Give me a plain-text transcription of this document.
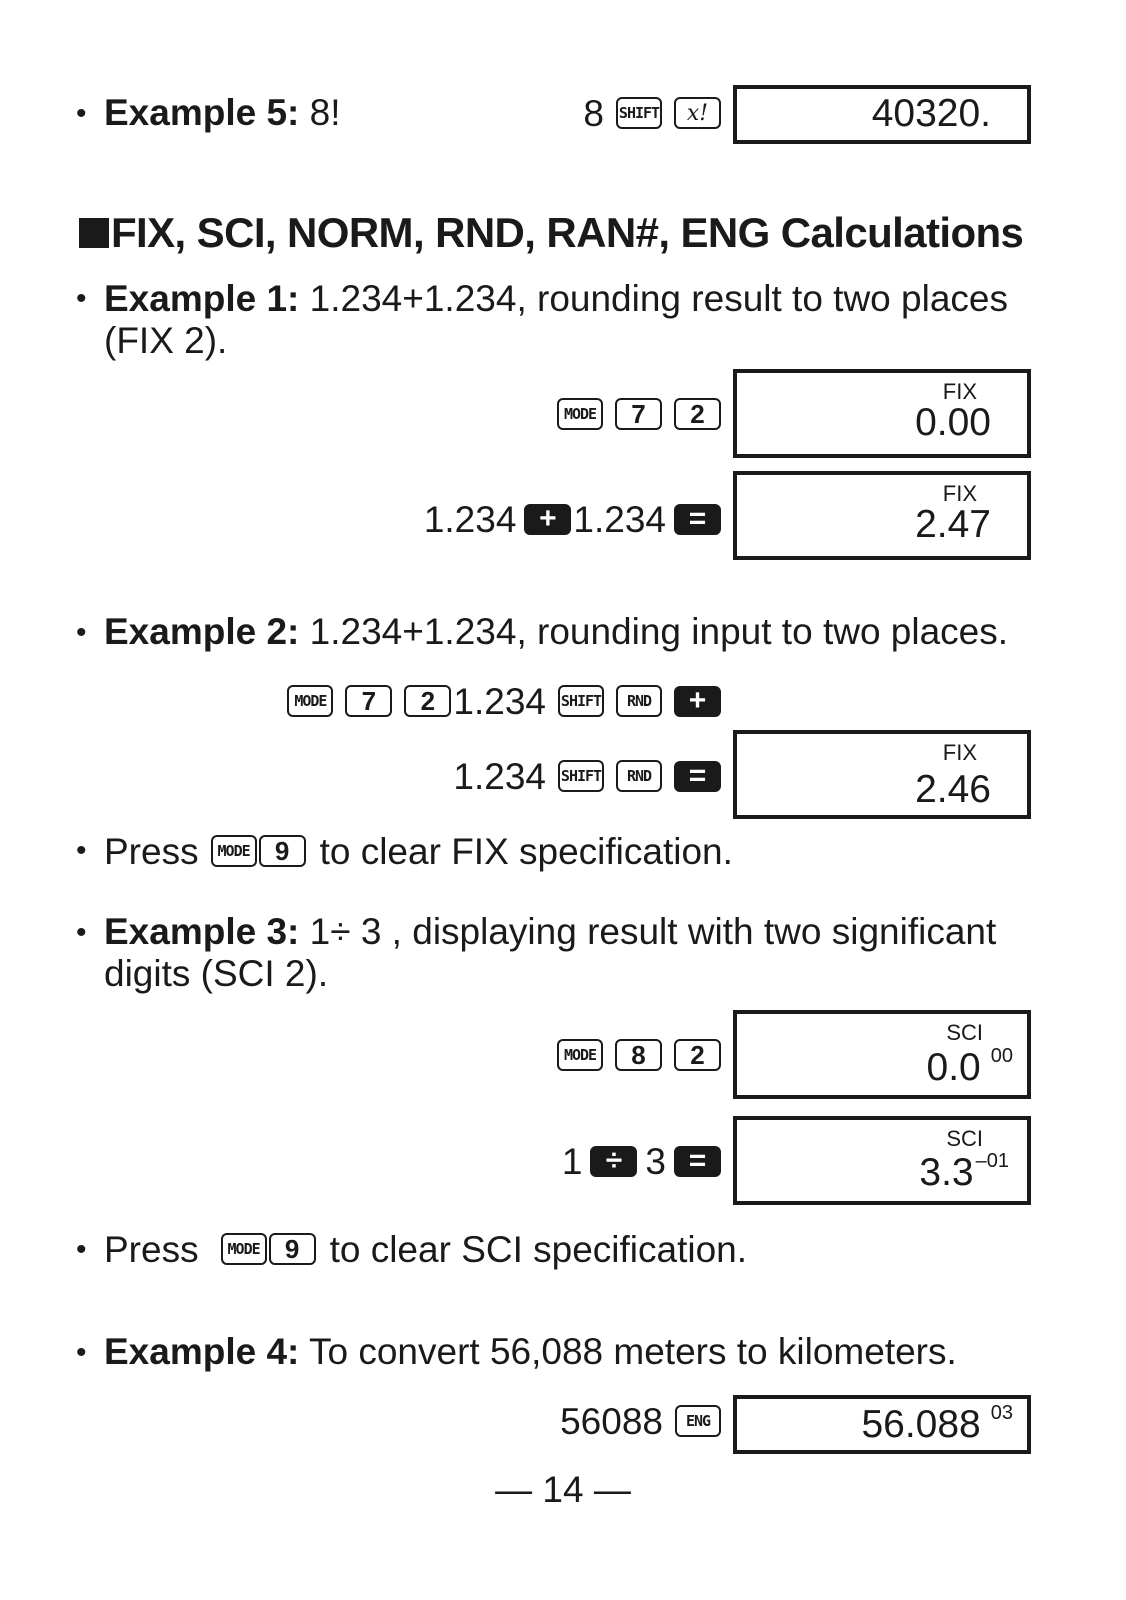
• Example 5: 8!	8 SHIFT	x!	40320.
FIX, SCI, NORM, RND, RAN#, ENG Calculations
• Example 1: 1.234+1.234, rounding result to two places
(FIX 2).
MODE	7	2
FIX
0.00
1.234 + 1.234 =
FIX
2.47
• Example 2: 1.234+1.234, rounding input to two places.
MODE	7	2 1.234 SHIFT	RND	+
1.234 SHIFT	RND	=
FIX
2.46
• Press	MODE 9 to clear FIX specification.
• Example 3: 1÷ 3 , displaying result with two significant
digits (SCI 2).
MODE	8	2
SCI
0.0 $^{00}$
1 ÷ 3 =
SCI
3.3 $^{-01}$
• Press	MODE 9 to clear SCI specification.
• Example 4: To convert 56,088 meters to kilometers.
56088	ENG	56.088 $^{03}$
— 14 —
